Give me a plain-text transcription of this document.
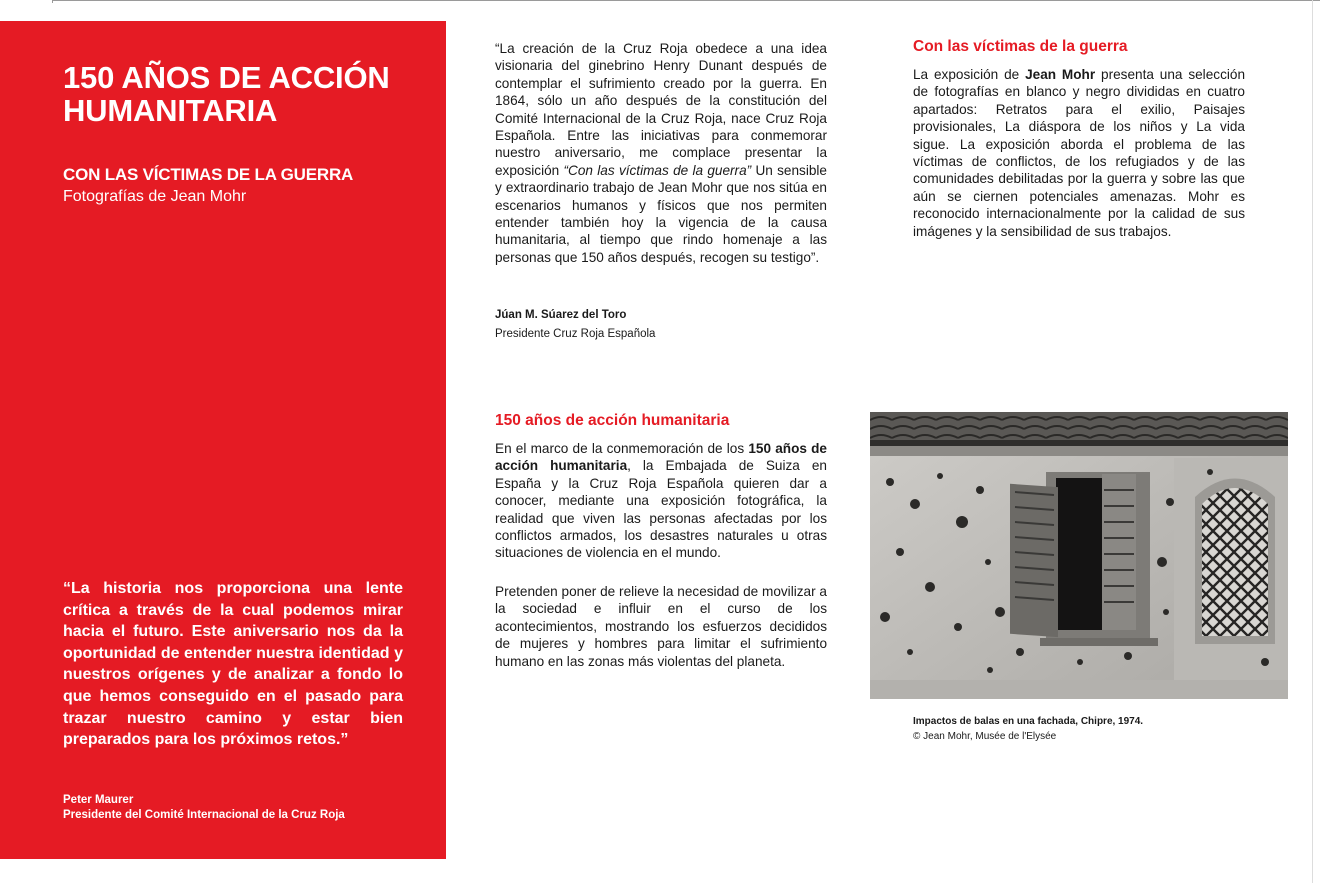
150 AÑOS DE ACCIÓN HUMANITARIA

CON LAS VÍCTIMAS DE LA GUERRA

Fotografías de Jean Mohr

“La historia nos proporciona una lente crítica a través de la cual podemos mirar hacia el futuro. Este aniversario nos da la oportunidad de entender nuestra identidad y nuestros orígenes y de analizar a fondo lo que hemos conseguido en el pasado para trazar nuestro camino y estar bien preparados para los próximos retos.”

Peter Maurer

Presidente del Comité Internacional de la Cruz Roja

“La creación de la Cruz Roja obedece a una idea visionaria del ginebrino Henry Dunant después de contemplar el sufrimiento creado por la guerra. En 1864, sólo un año después de la constitución del Comité Internacional de la Cruz Roja, nace Cruz Roja Española. Entre las iniciativas para conmemorar nuestro aniversario, me complace presentar la exposición “Con las víctimas de la guerra” Un sensible y extraordinario trabajo de Jean Mohr que nos sitúa en escenarios humanos y físicos que nos permiten entender también hoy la vigencia de la causa humanitaria, al tiempo que rindo homenaje a las personas que 150 años después, recogen su testigo”.

Júan M. Súarez del Toro

Presidente Cruz Roja Española

Con las víctimas de la guerra

La exposición de Jean Mohr presenta una selección de fotografías en blanco y negro divididas en cuatro apartados: Retratos para el exilio, Paisajes provisionales, La diáspora de los niños y La vida sigue. La exposición aborda el problema de las víctimas de conflictos, de los refugiados y de las comunidades debilitadas por la guerra y sobre las que aún se ciernen potenciales amenazas. Mohr es reconocido internacionalmente por la calidad de sus imágenes y la sensibilidad de sus trabajos.

150 años de acción humanitaria

En el marco de la conmemoración de los 150 años de acción humanitaria, la Embajada de Suiza en España y la Cruz Roja Española quieren dar a conocer, mediante una exposición fotográfica, la realidad que viven las personas afectadas por los conflictos armados, los desastres naturales u otras situaciones de violencia en el mundo.

Pretenden poner de relieve la necesidad de movilizar a la sociedad e influir en el curso de los acontecimientos, mostrando los esfuerzos decididos de mujeres y hombres para limitar el sufrimiento humano en las zonas más violentas del planeta.

Impactos de balas en una fachada, Chipre, 1974.

© Jean Mohr, Musée de l'Elysée
